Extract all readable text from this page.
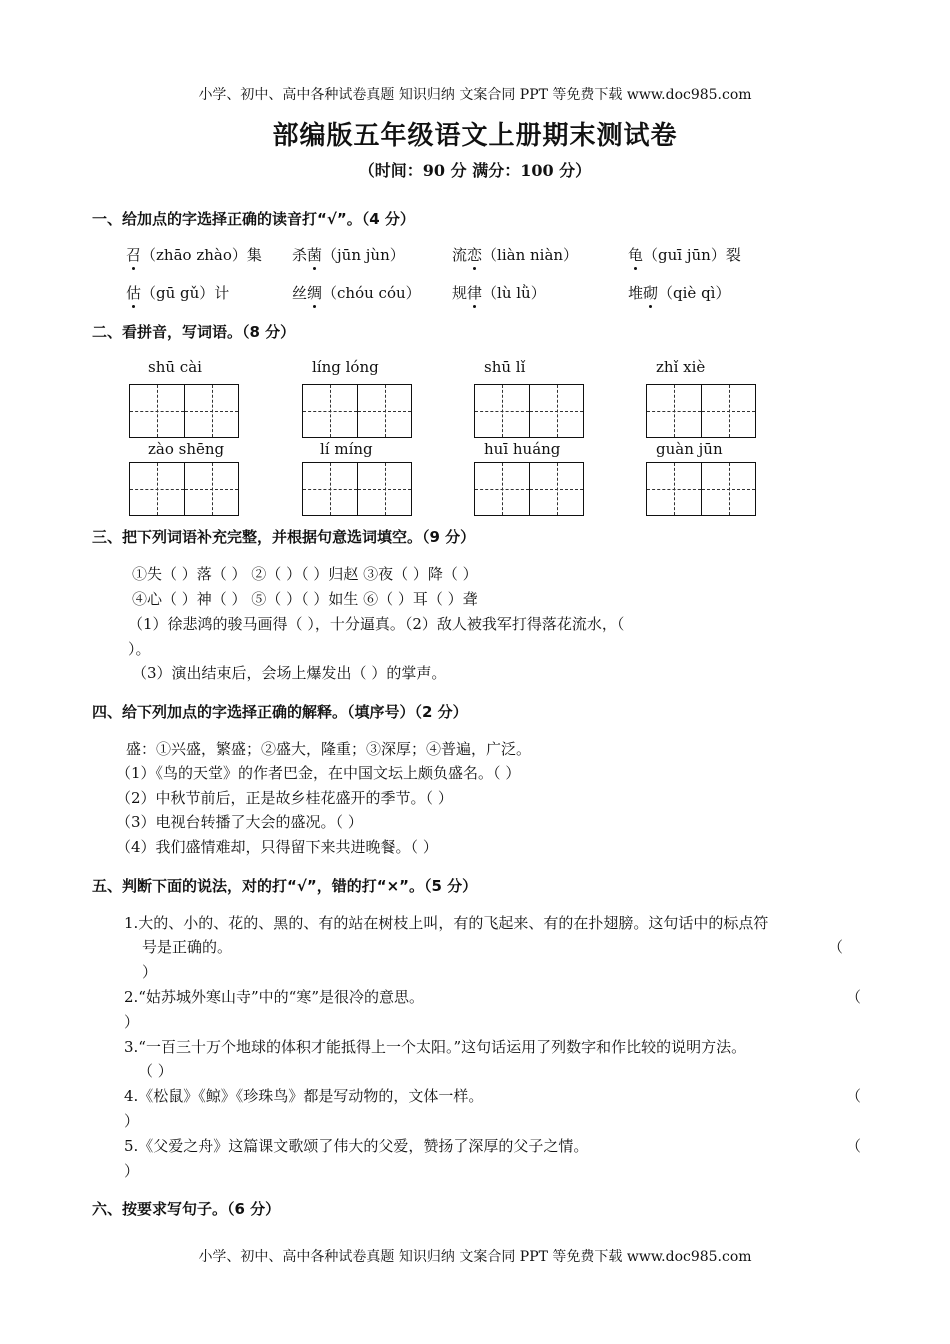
小学、初中、高中各种试卷真题 知识归纳 文案合同 PPT 等免费下载 www.doc985.com
部编版五年级语文上册期末测试卷
（时间：90 分 满分：100 分）
一、给加点的字选择正确的读音打“√”。（4 分）
召（zhāo zhào）集 杀菌（jūn jùn）	流恋（liàn niàn）	龟（guī jūn）裂
估（gū gǔ）计	丝绸（chóu cóu） 规律（lù lǜ）	堆砌（qiè qì）
二、看拼音，写词语。（8 分）
shū cài	líng lóng	shū lǐ	zhǐ xiè
zào shēng	lí míng	huī huáng	guàn jūn
三、把下列词语补充完整，并根据句意选词填空。（9 分）
①失（ ）落（ ） ②（ ）（ ）归赵 ③夜（ ）降（ ）
④心（ ）神（ ） ⑤（ ）（ ）如生 ⑥（ ）耳（ ）聋
（1）徐悲鸿的骏马画得（ ），十分逼真。（2）敌人被我军打得落花流水，（
）。
（3）演出结束后，会场上爆发出（ ）的掌声。
四、给下列加点的字选择正确的解释。（填序号）（2 分）
盛：①兴盛，繁盛；②盛大，隆重；③深厚；④普遍，广泛。
（1）《鸟的天堂》的作者巴金，在中国文坛上颇负盛名。（ ）
（2）中秋节前后，正是故乡桂花盛开的季节。（ ）
（3）电视台转播了大会的盛况。（ ）
（4）我们盛情难却，只得留下来共进晚餐。（ ）
五、判断下面的说法，对的打“√”，错的打“×”。（5 分）
1.大的、小的、花的、黑的、有的站在树枝上叫，有的飞起来、有的在扑翅膀。这句话中的标点符
号是正确的。	（
）
2.“姑苏城外寒山寺”中的“寒”是很冷的意思。	（
）
3.“一百三十万个地球的体积才能抵得上一个太阳。”这句话运用了列数字和作比较的说明方法。
（ ）
4.《松鼠》《鲸》《珍珠鸟》都是写动物的，文体一样。	（
）
5.《父爱之舟》这篇课文歌颂了伟大的父爱，赞扬了深厚的父子之情。	（
）
六、按要求写句子。（6 分）
小学、初中、高中各种试卷真题 知识归纳 文案合同 PPT 等免费下载 www.doc985.com
